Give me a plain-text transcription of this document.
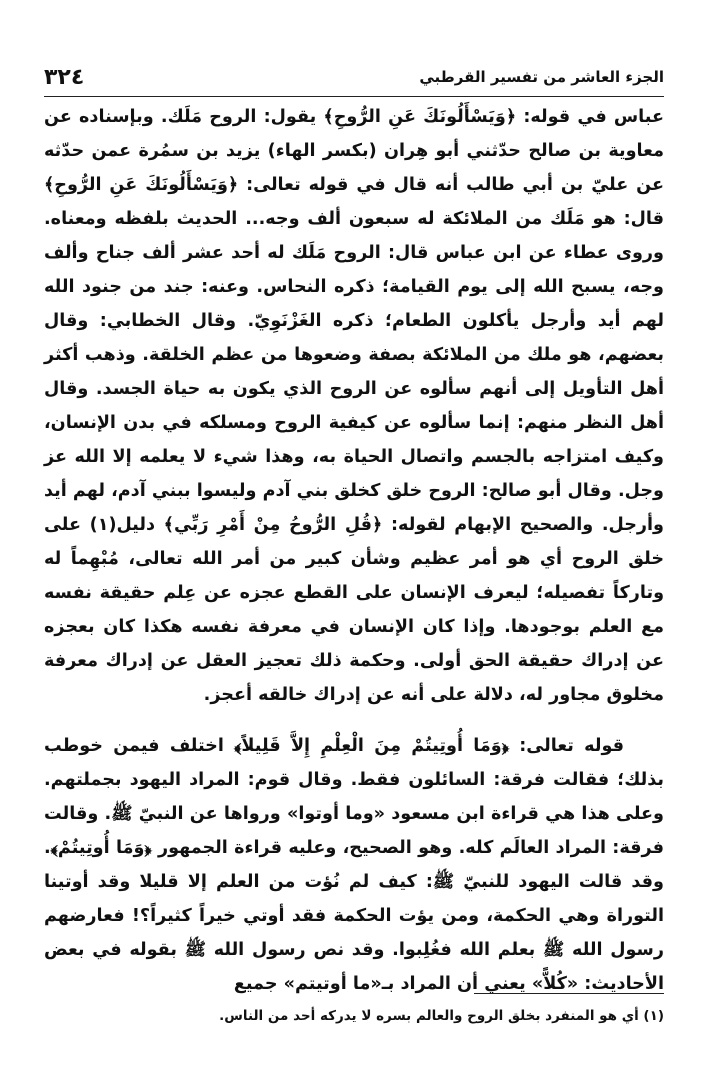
٣٢٤	الجزء العاشر من تفسير القرطبي

عباس في قوله: ﴿وَيَسْأَلُونَكَ عَنِ الرُّوحِ﴾ يقول: الروح مَلَك. وبإسناده عن معاوية بن صالح حدّثني أبو هِران (بكسر الهاء) يزيد بن سمُرة عمن حدّثه عن عليّ بن أبي طالب أنه قال في قوله تعالى: ﴿وَيَسْأَلُونَكَ عَنِ الرُّوحِ﴾ قال: هو مَلَك من الملائكة له سبعون ألف وجه... الحديث بلفظه ومعناه. وروى عطاء عن ابن عباس قال: الروح مَلَك له أحد عشر ألف جناح وألف وجه، يسبح الله إلى يوم القيامة؛ ذكره النحاس. وعنه: جند من جنود الله لهم أيد وأرجل يأكلون الطعام؛ ذكره الغَزْنَوِيّ. وقال الخطابي: وقال بعضهم، هو ملك من الملائكة بصفة وضعوها من عظم الخلقة. وذهب أكثر أهل التأويل إلى أنهم سألوه عن الروح الذي يكون به حياة الجسد. وقال أهل النظر منهم: إنما سألوه عن كيفية الروح ومسلكه في بدن الإنسان، وكيف امتزاجه بالجسم واتصال الحياة به، وهذا شيء لا يعلمه إلا الله عز وجل. وقال أبو صالح: الروح خلق كخلق بني آدم وليسوا ببني آدم، لهم أيد وأرجل. والصحيح الإبهام لقوله: ﴿قُلِ الرُّوحُ مِنْ أَمْرِ رَبِّي﴾ دليل(١) على خلق الروح أي هو أمر عظيم وشأن كبير من أمر الله تعالى، مُبْهِماً له وتاركاً تفصيله؛ ليعرف الإنسان على القطع عجزه عن عِلم حقيقة نفسه مع العلم بوجودها. وإذا كان الإنسان في معرفة نفسه هكذا كان بعجزه عن إدراك حقيقة الحق أولى. وحكمة ذلك تعجيز العقل عن إدراك معرفة مخلوق مجاور له، دلالة على أنه عن إدراك خالقه أعجز.

قوله تعالى: ﴿وَمَا أُوتِيتُمْ مِنَ الْعِلْمِ إِلاَّ قَلِيلاً﴾ اختلف فيمن خوطب بذلك؛ فقالت فرقة: السائلون فقط. وقال قوم: المراد اليهود بجملتهم. وعلى هذا هي قراءة ابن مسعود «وما أوتوا» ورواها عن النبيّ ﷺ. وقالت فرقة: المراد العالَم كله. وهو الصحيح، وعليه قراءة الجمهور ﴿وَمَا أُوتِيتُمْ﴾. وقد قالت اليهود للنبيّ ﷺ: كيف لم نُؤت من العلم إلا قليلا وقد أوتينا التوراة وهي الحكمة، ومن يؤت الحكمة فقد أوتي خيراً كثيراً؟! فعارضهم رسول الله ﷺ بعلم الله فغُلِبوا. وقد نص رسول الله ﷺ بقوله في بعض الأحاديث: «كُلاًّ» يعني أن المراد بـ«ما أوتيتم» جميع

(١) أي هو المنفرد بخلق الروح والعالم بسره لا يدركه أحد من الناس.
